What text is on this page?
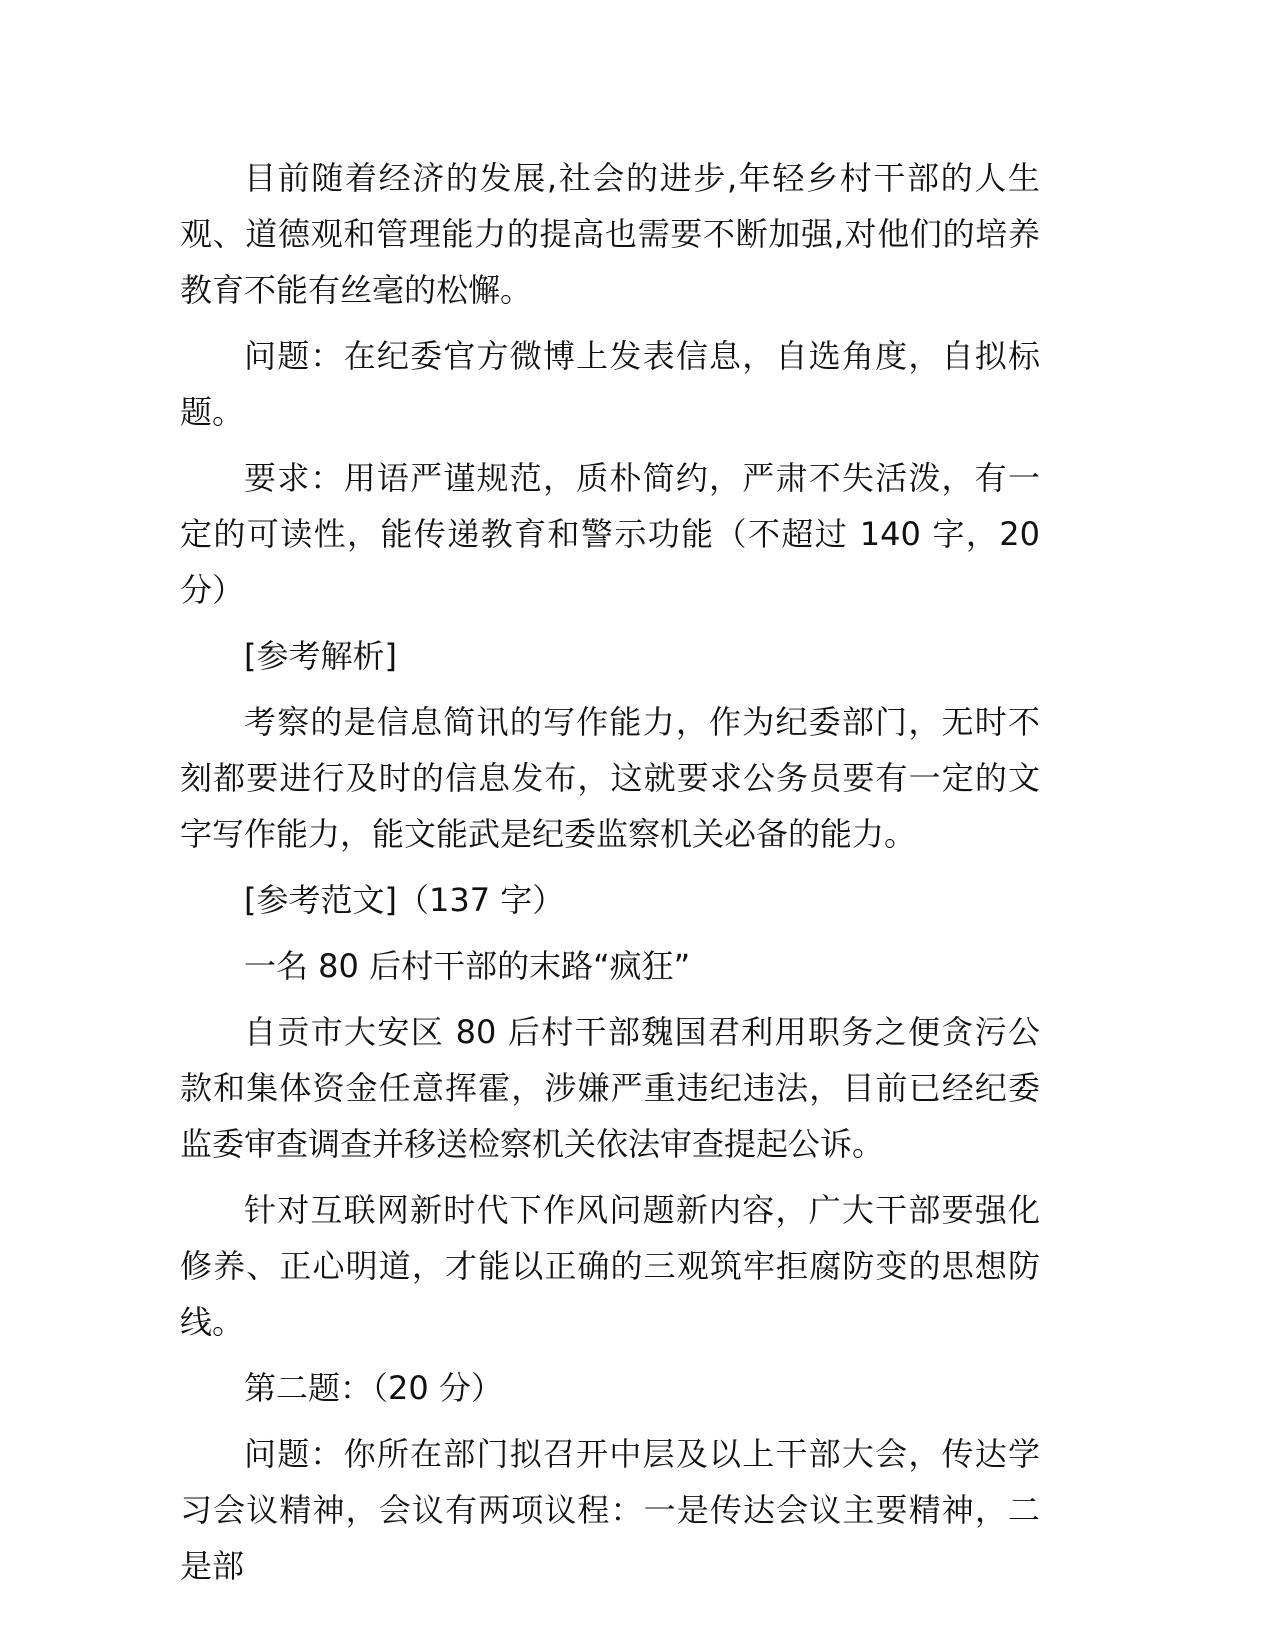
目前随着经济的发展,社会的进步,年轻乡村干部的人生观、道德观和管理能力的提高也需要不断加强,对他们的培养教育不能有丝毫的松懈。

问题：在纪委官方微博上发表信息，自选角度，自拟标题。

要求：用语严谨规范，质朴简约，严肃不失活泼，有一定的可读性，能传递教育和警示功能（不超过 140 字，20 分）

[参考解析]

考察的是信息简讯的写作能力，作为纪委部门，无时不刻都要进行及时的信息发布，这就要求公务员要有一定的文字写作能力，能文能武是纪委监察机关必备的能力。

[参考范文]（137 字）

一名 80 后村干部的末路“疯狂”

自贡市大安区 80 后村干部魏国君利用职务之便贪污公款和集体资金任意挥霍，涉嫌严重违纪违法，目前已经纪委监委审查调查并移送检察机关依法审查提起公诉。

针对互联网新时代下作风问题新内容，广大干部要强化修养、正心明道，才能以正确的三观筑牢拒腐防变的思想防线。

第二题：（20 分）

问题：你所在部门拟召开中层及以上干部大会，传达学习会议精神，会议有两项议程：一是传达会议主要精神，二是部
